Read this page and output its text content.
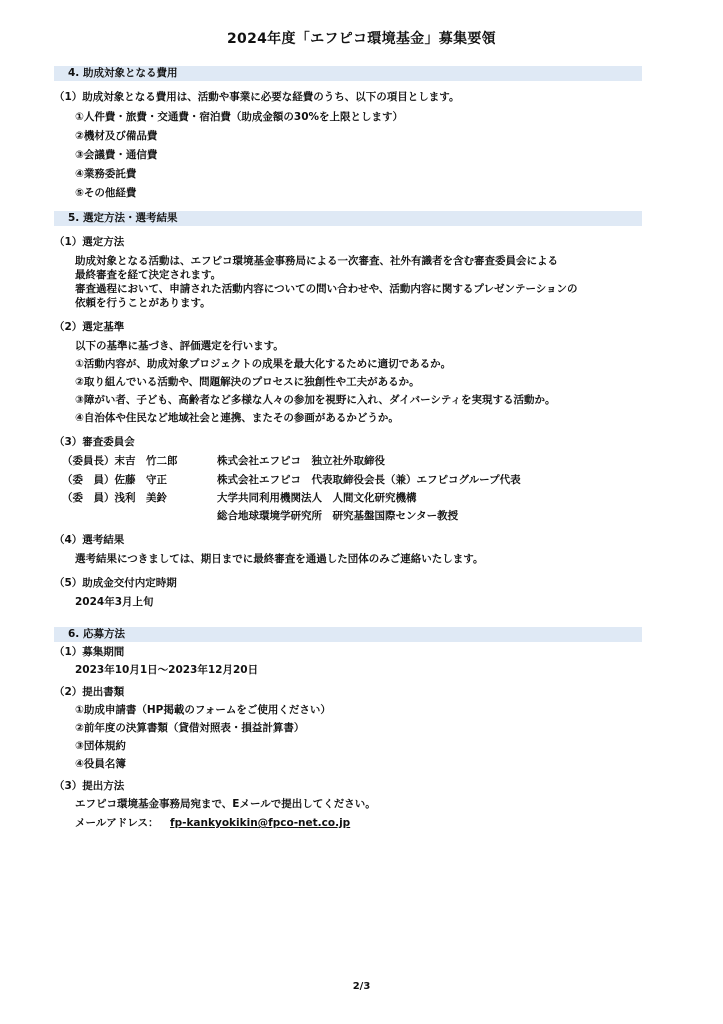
2024年度「エフピコ環境基金」募集要領
4. 助成対象となる費用
（1）助成対象となる費用は、活動や事業に必要な経費のうち、以下の項目とします。
①人件費・旅費・交通費・宿泊費（助成金額の30%を上限とします）
②機材及び備品費
③会議費・通信費
④業務委託費
⑤その他経費
5. 選定方法・選考結果
（1）選定方法
助成対象となる活動は、エフピコ環境基金事務局による一次審査、社外有識者を含む審査委員会による
最終審査を経て決定されます。
審査過程において、申請された活動内容についての問い合わせや、活動内容に関するプレゼンテーションの
依頼を行うことがあります。
（2）選定基準
以下の基準に基づき、評価選定を行います。
①活動内容が、助成対象プロジェクトの成果を最大化するために適切であるか。
②取り組んでいる活動や、問題解決のプロセスに独創性や工夫があるか。
③障がい者、子ども、高齢者など多様な人々の参加を視野に入れ、ダイバーシティを実現する活動か。
④自治体や住民など地域社会と連携、またその参画があるかどうか。
（3）審査委員会
（委員長）末吉　竹二郎	株式会社エフピコ　独立社外取締役
（委　員）佐藤　守正	株式会社エフピコ　代表取締役会長（兼）エフピコグループ代表
（委　員）浅利　美鈴	大学共同利用機関法人　人間文化研究機構
総合地球環境学研究所　研究基盤国際センター教授
（4）選考結果
選考結果につきましては、期日までに最終審査を通過した団体のみご連絡いたします。
（5）助成金交付内定時期
2024年3月上旬
6. 応募方法
（1）募集期間
2023年10月1日～2023年12月20日
（2）提出書類
①助成申請書（HP掲載のフォームをご使用ください）
②前年度の決算書類（貸借対照表・損益計算書）
③団体規約
④役員名簿
（3）提出方法
エフピコ環境基金事務局宛まで、Eメールで提出してください。
メールアドレス： fp-kankyokikin@fpco-net.co.jp
2/3
